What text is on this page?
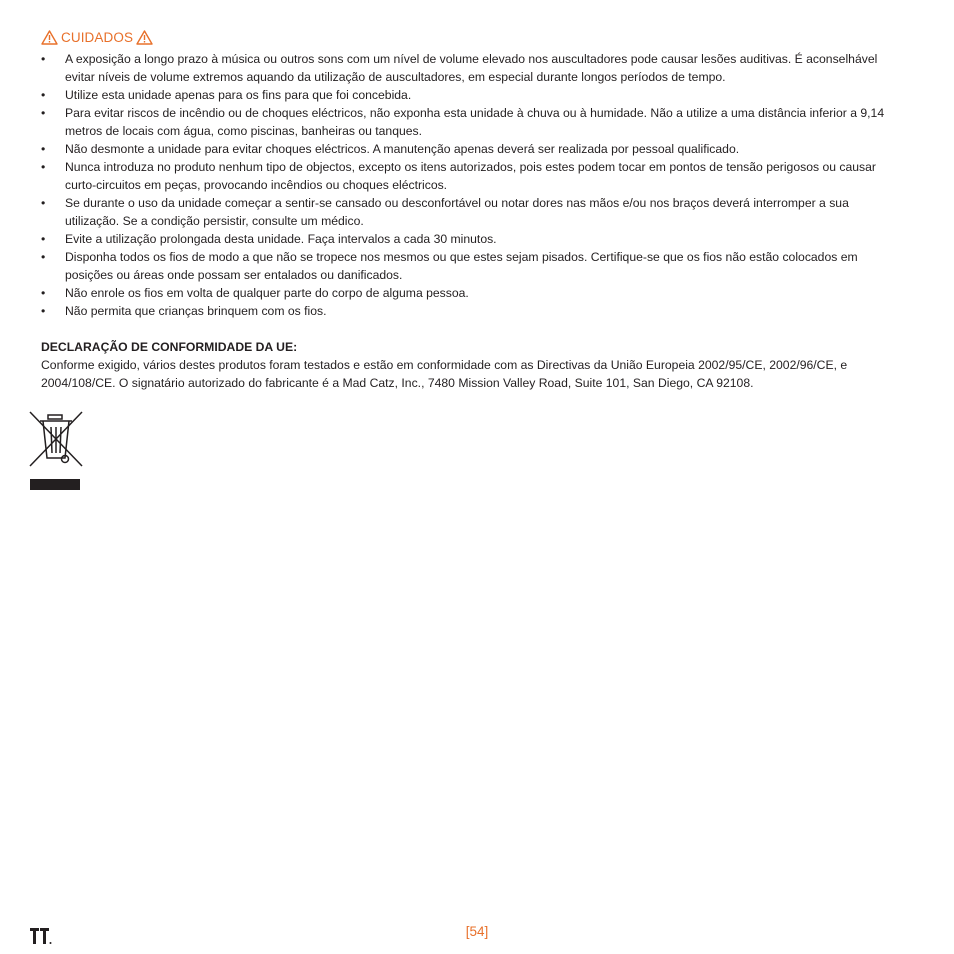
CUIDADOS
• A exposição a longo prazo à música ou outros sons com um nível de volume elevado nos auscultadores pode causar lesões auditivas. É aconselhável evitar níveis de volume extremos aquando da utilização de auscultadores, em especial durante longos períodos de tempo.
• Utilize esta unidade apenas para os fins para que foi concebida.
• Para evitar riscos de incêndio ou de choques eléctricos, não exponha esta unidade à chuva ou à humidade. Não a utilize a uma distância inferior a 9,14 metros de locais com água, como piscinas, banheiras ou tanques.
• Não desmonte a unidade para evitar choques eléctricos. A manutenção apenas deverá ser realizada por pessoal qualificado.
• Nunca introduza no produto nenhum tipo de objectos, excepto os itens autorizados, pois estes podem tocar em pontos de tensão perigosos ou causar curto-circuitos em peças, provocando incêndios ou choques eléctricos.
• Se durante o uso da unidade começar a sentir-se cansado ou desconfortável ou notar dores nas mãos e/ou nos braços deverá interromper a sua utilização. Se a condição persistir, consulte um médico.
• Evite a utilização prolongada desta unidade. Faça intervalos a cada 30 minutos.
• Disponha todos os fios de modo a que não se tropece nos mesmos ou que estes sejam pisados. Certifique-se que os fios não estão colocados em posições ou áreas onde possam ser entalados ou danificados.
• Não enrole os fios em volta de qualquer parte do corpo de alguma pessoa.
• Não permita que crianças brinquem com os fios.
DECLARAÇÃO DE CONFORMIDADE DA UE:

Conforme exigido, vários destes produtos foram testados e estão em conformidade com as Directivas da União Europeia 2002/95/CE, 2002/96/CE, e 2004/108/CE. O signatário autorizado do fabricante é a Mad Catz, Inc., 7480 Mission Valley Road, Suite 101, San Diego, CA 92108.

[54]
